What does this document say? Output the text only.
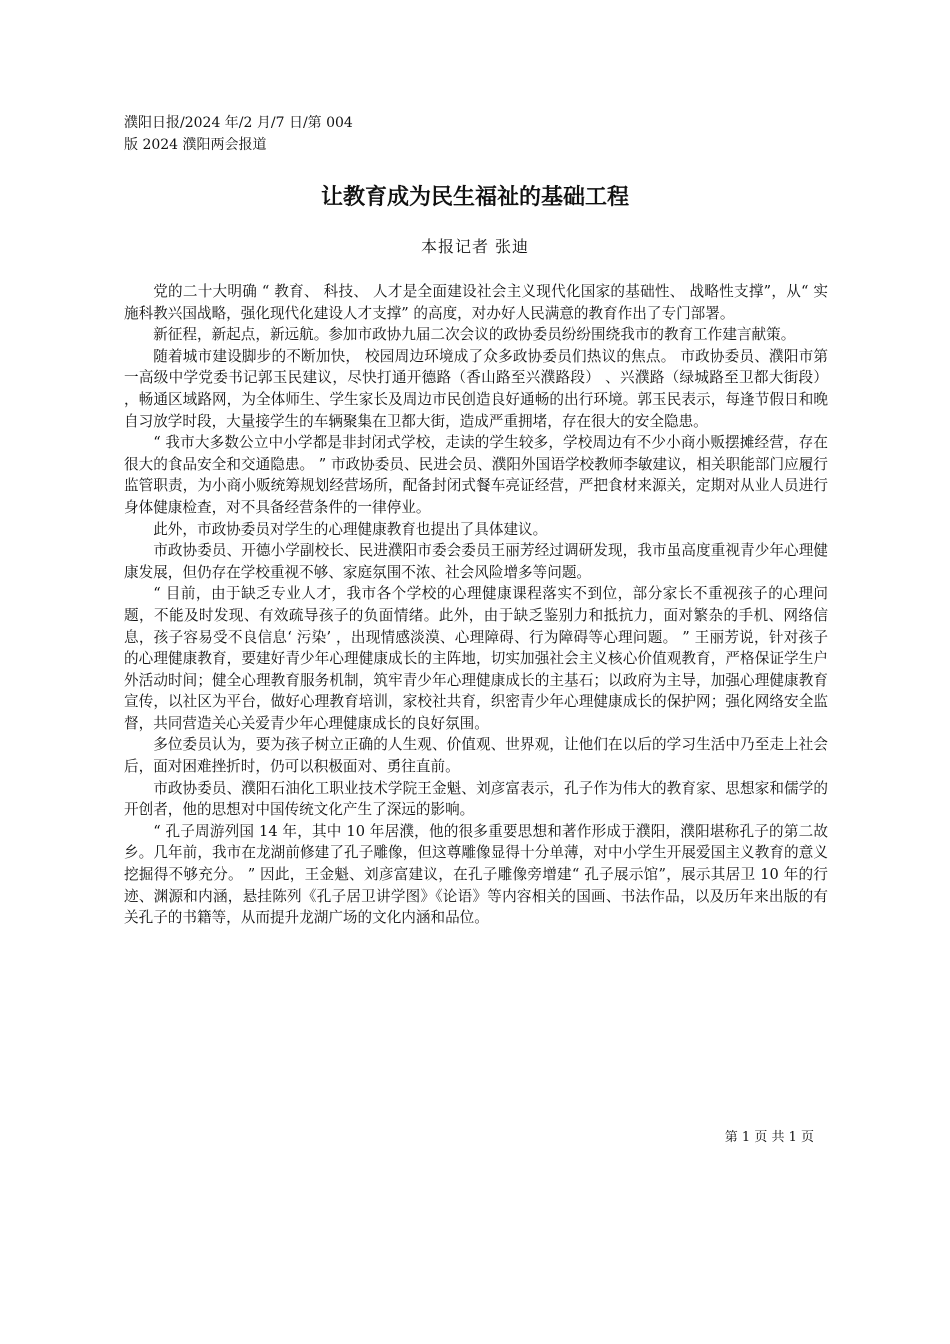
濮阳日报/2024 年/2 月/7 日/第 004
版 2024 濮阳两会报道
让教育成为民生福祉的基础工程
本报记者 张迪

党的二十大明确 “ 教育、 科技、 人才是全面建设社会主义现代化国家的基础性、 战略性支撑”，从“ 实施科教兴国战略，强化现代化建设人才支撑” 的高度，对办好人民满意的教育作出了专门部署。

新征程，新起点，新远航。参加市政协九届二次会议的政协委员纷纷围绕我市的教育工作建言献策。

随着城市建设脚步的不断加快， 校园周边环境成了众多政协委员们热议的焦点。 市政协委员、濮阳市第一高级中学党委书记郭玉民建议，尽快打通开德路（香山路至兴濮路段） 、兴濮路（绿城路至卫都大街段） ，畅通区域路网，为全体师生、学生家长及周边市民创造良好通畅的出行环境。郭玉民表示，每逢节假日和晚自习放学时段，大量接学生的车辆聚集在卫都大街，造成严重拥堵，存在很大的安全隐患。

“ 我市大多数公立中小学都是非封闭式学校，走读的学生较多，学校周边有不少小商小贩摆摊经营，存在很大的食品安全和交通隐患。 ” 市政协委员、民进会员、濮阳外国语学校教师李敏建议，相关职能部门应履行监管职责，为小商小贩统筹规划经营场所，配备封闭式餐车亮证经营，严把食材来源关，定期对从业人员进行身体健康检查，对不具备经营条件的一律停业。

此外，市政协委员对学生的心理健康教育也提出了具体建议。

市政协委员、开德小学副校长、民进濮阳市委会委员王丽芳经过调研发现，我市虽高度重视青少年心理健康发展，但仍存在学校重视不够、家庭氛围不浓、社会风险增多等问题。

“ 目前，由于缺乏专业人才，我市各个学校的心理健康课程落实不到位，部分家长不重视孩子的心理问题，不能及时发现、有效疏导孩子的负面情绪。此外，由于缺乏鉴别力和抵抗力，面对繁杂的手机、网络信息，孩子容易受不良信息‘ 污染’ ，出现情感淡漠、心理障碍、行为障碍等心理问题。 ” 王丽芳说，针对孩子的心理健康教育，要建好青少年心理健康成长的主阵地，切实加强社会主义核心价值观教育，严格保证学生户外活动时间；健全心理教育服务机制，筑牢青少年心理健康成长的主基石；以政府为主导，加强心理健康教育宣传，以社区为平台，做好心理教育培训，家校社共育，织密青少年心理健康成长的保护网；强化网络安全监督，共同营造关心关爱青少年心理健康成长的良好氛围。

多位委员认为，要为孩子树立正确的人生观、价值观、世界观，让他们在以后的学习生活中乃至走上社会后，面对困难挫折时，仍可以积极面对、勇往直前。

市政协委员、濮阳石油化工职业技术学院王金魁、刘彦富表示，孔子作为伟大的教育家、思想家和儒学的开创者，他的思想对中国传统文化产生了深远的影响。

“ 孔子周游列国 14 年，其中 10 年居濮，他的很多重要思想和著作形成于濮阳，濮阳堪称孔子的第二故乡。几年前，我市在龙湖前修建了孔子雕像，但这尊雕像显得十分单薄，对中小学生开展爱国主义教育的意义挖掘得不够充分。 ” 因此，王金魁、刘彦富建议，在孔子雕像旁增建“ 孔子展示馆”，展示其居卫 10 年的行迹、渊源和内涵，悬挂陈列《孔子居卫讲学图》《论语》等内容相关的国画、书法作品，以及历年来出版的有关孔子的书籍等，从而提升龙湖广场的文化内涵和品位。

第 1 页 共 1 页
